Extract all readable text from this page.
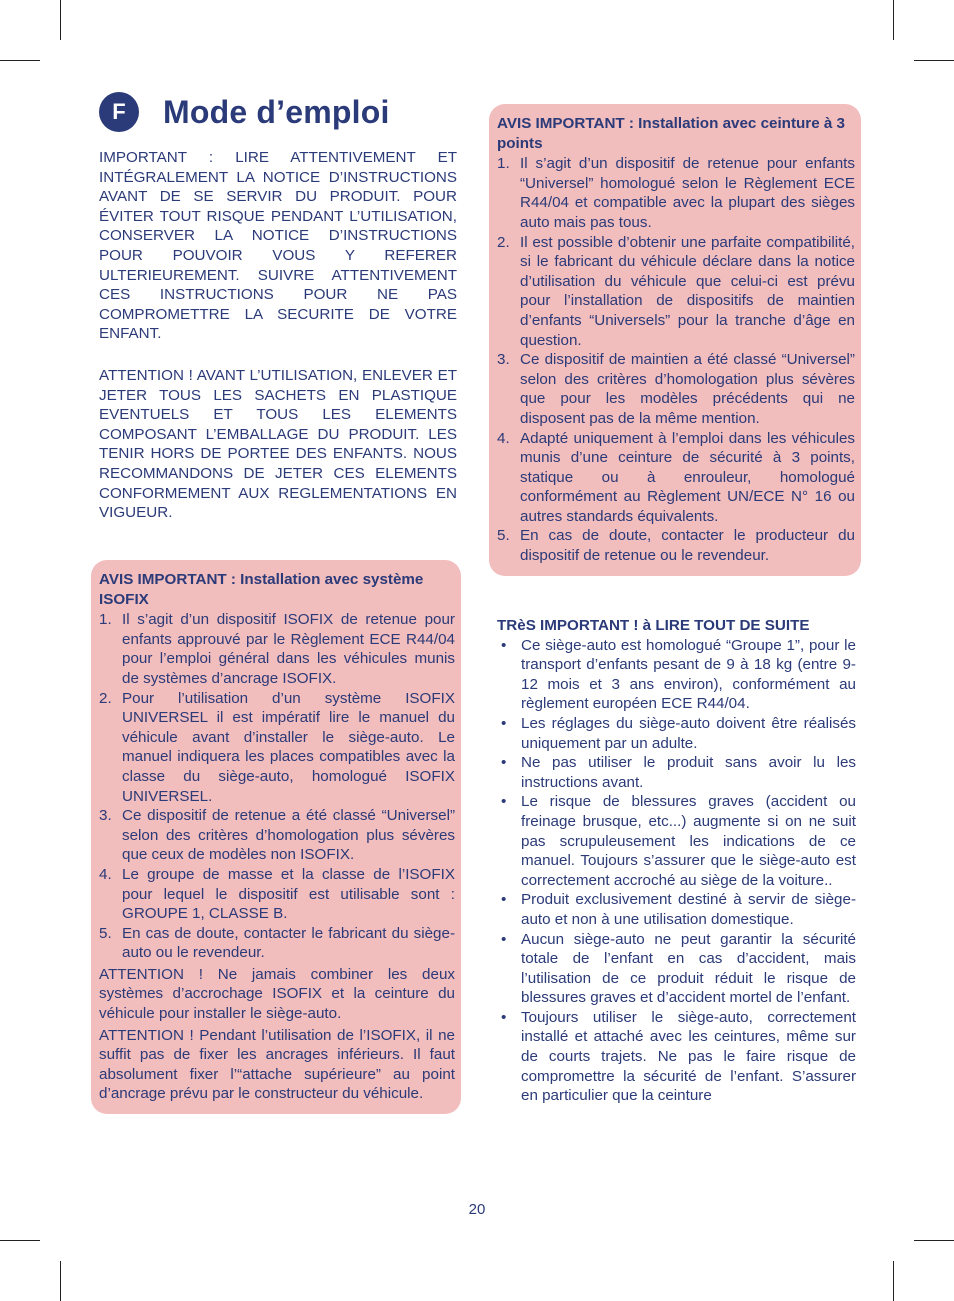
F	Mode d’emploi
IMPORTANT : LIRE ATTENTIVEMENT ET INTÉGRALEMENT LA NOTICE D’INSTRUCTIONS AVANT DE SE SERVIR DU PRODUIT. POUR ÉVITER TOUT RISQUE PENDANT L’UTILISATION, CONSERVER LA NOTICE D’INSTRUCTIONS POUR POUVOIR VOUS Y REFERER ULTERIEUREMENT. SUIVRE ATTENTIVEMENT CES INSTRUCTIONS POUR NE PAS COMPROMETTRE LA SECURITE DE VOTRE ENFANT.
ATTENTION ! AVANT L’UTILISATION, ENLEVER ET JETER TOUS LES SACHETS EN PLASTIQUE EVENTUELS ET TOUS LES ELEMENTS COMPOSANT L’EMBALLAGE DU PRODUIT. LES TENIR HORS DE PORTEE DES ENFANTS. NOUS RECOMMANDONS DE JETER CES ELEMENTS CONFORMEMENT AUX REGLEMENTATIONS EN VIGUEUR.
AVIS IMPORTANT : Installation avec système ISOFIX
1. Il s’agit d’un dispositif ISOFIX de retenue pour enfants approuvé par le Règlement ECE R44/04 pour l’emploi général dans les véhicules munis de systèmes d’ancrage ISOFIX.
2. Pour l’utilisation d’un système ISOFIX UNIVERSEL il est impératif lire le manuel du véhicule avant d’installer le siège-auto. Le manuel indiquera les places compatibles avec la classe du siège-auto, homologué ISOFIX UNIVERSEL.
3. Ce dispositif de retenue a été classé “Universel” selon des critères d’homologation plus sévères que ceux de modèles non ISOFIX.
4. Le groupe de masse et la classe de l’ISOFIX pour lequel le dispositif est utilisable sont : GROUPE 1, CLASSE B.
5. En cas de doute, contacter le fabricant du siège-auto ou le revendeur.
ATTENTION ! Ne jamais combiner les deux systèmes d’accrochage ISOFIX et la ceinture du véhicule pour installer le siège-auto.
ATTENTION ! Pendant l’utilisation de l’ISOFIX, il ne suffit pas de fixer les ancrages inférieurs. Il faut absolument fixer l’“attache supérieure” au point d’ancrage prévu par le constructeur du véhicule.
AVIS IMPORTANT : Installation avec ceinture à 3 points
1. Il s’agit d’un dispositif de retenue pour enfants “Universel” homologué selon le Règlement ECE R44/04 et compatible avec la plupart des sièges auto mais pas tous.
2. Il est possible d’obtenir une parfaite compatibilité, si le fabricant du véhicule déclare dans la notice d’utilisation du véhicule que celui-ci est prévu pour l’installation de dispositifs de maintien d’enfants “Universels” pour la tranche d’âge en question.
3. Ce dispositif de maintien a été classé “Universel” selon des critères d’homologation plus sévères que pour les modèles précédents qui ne disposent pas de la même mention.
4. Adapté uniquement à l’emploi dans les véhicules munis d’une ceinture de sécurité à 3 points, statique ou à enrouleur, homologué conformément au Règlement UN/ECE N° 16 ou autres standards équivalents.
5. En cas de doute, contacter le producteur du dispositif de retenue ou le revendeur.
TRèS IMPORTANT ! à LIRE TOUT DE SUITE
• Ce siège-auto est homologué “Groupe 1”, pour le transport d’enfants pesant de 9 à 18 kg (entre 9-12 mois et 3 ans environ), conformément au règlement européen ECE R44/04.
• Les réglages du siège-auto doivent être réalisés uniquement par un adulte.
• Ne pas utiliser le produit sans avoir lu les instructions avant.
• Le risque de blessures graves (accident ou freinage brusque, etc...) augmente si on ne suit pas scrupuleusement les indications de ce manuel. Toujours s’assurer que le siège-auto est correctement accroché au siège de la voiture..
• Produit exclusivement destiné à servir de siège-auto et non à une utilisation domestique.
• Aucun siège-auto ne peut garantir la sécurité totale de l’enfant en cas d’accident, mais l’utilisation de ce produit réduit le risque de blessures graves et d’accident mortel de l’enfant.
• Toujours utiliser le siège-auto, correctement installé et attaché avec les ceintures, même sur de courts trajets. Ne pas le faire risque de compromettre la sécurité de l’enfant. S’assurer en particulier que la ceinture
20
